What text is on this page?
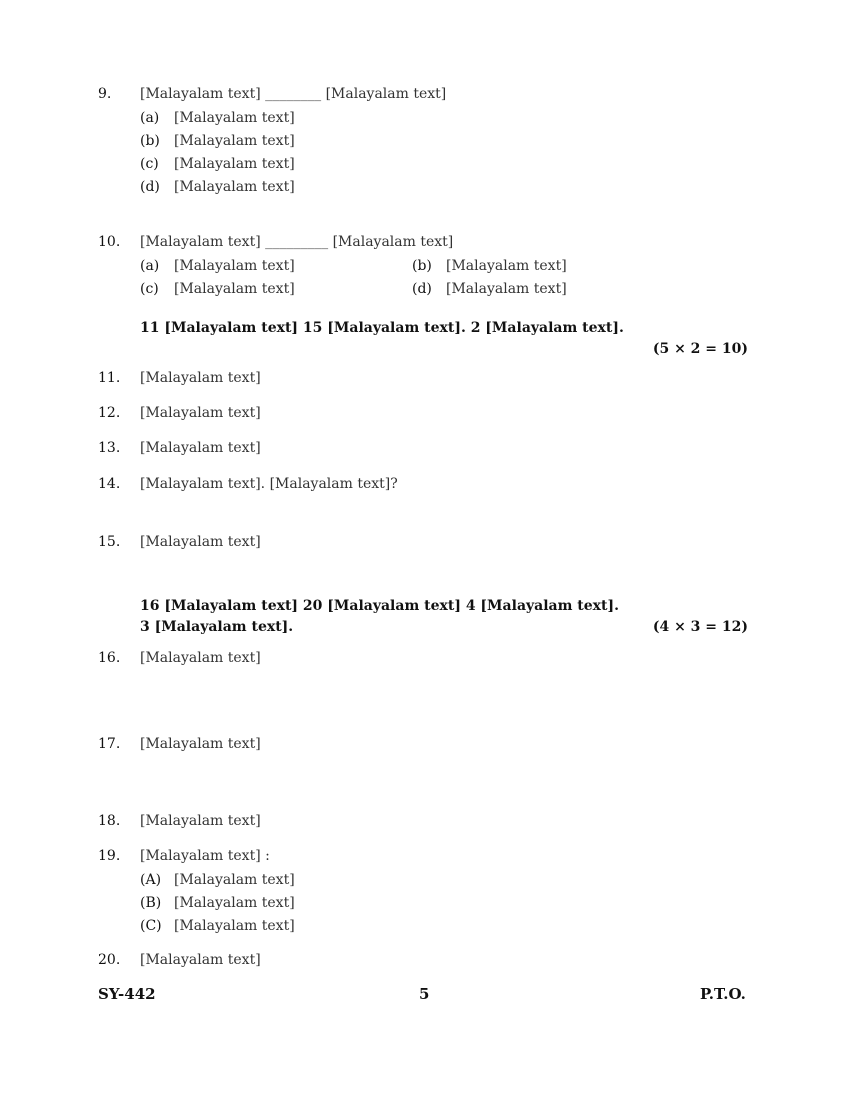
9.	[Malayalam text] ________ [Malayalam text]
(a)	[Malayalam text]
(b)	[Malayalam text]
(c)	[Malayalam text]
(d)	[Malayalam text]
10.	[Malayalam text] _________ [Malayalam text]
(a)	[Malayalam text]	(b)	[Malayalam text]
(c)	[Malayalam text]	(d)	[Malayalam text]
11 [Malayalam text] 15 [Malayalam text]. 2 [Malayalam text].
(5 × 2 = 10)
11.	[Malayalam text]
12.	[Malayalam text]
13.	[Malayalam text]
14.	[Malayalam text]. [Malayalam text]?
15.	[Malayalam text]
16 [Malayalam text] 20 [Malayalam text] 4 [Malayalam text].
3 [Malayalam text].	(4 × 3 = 12)
16.	[Malayalam text]
17.	[Malayalam text]
18.	[Malayalam text]
19.	[Malayalam text] :
(A) [Malayalam text]
(B) [Malayalam text]
(C) [Malayalam text]
20.	[Malayalam text]
SY-442	5	P.T.O.
